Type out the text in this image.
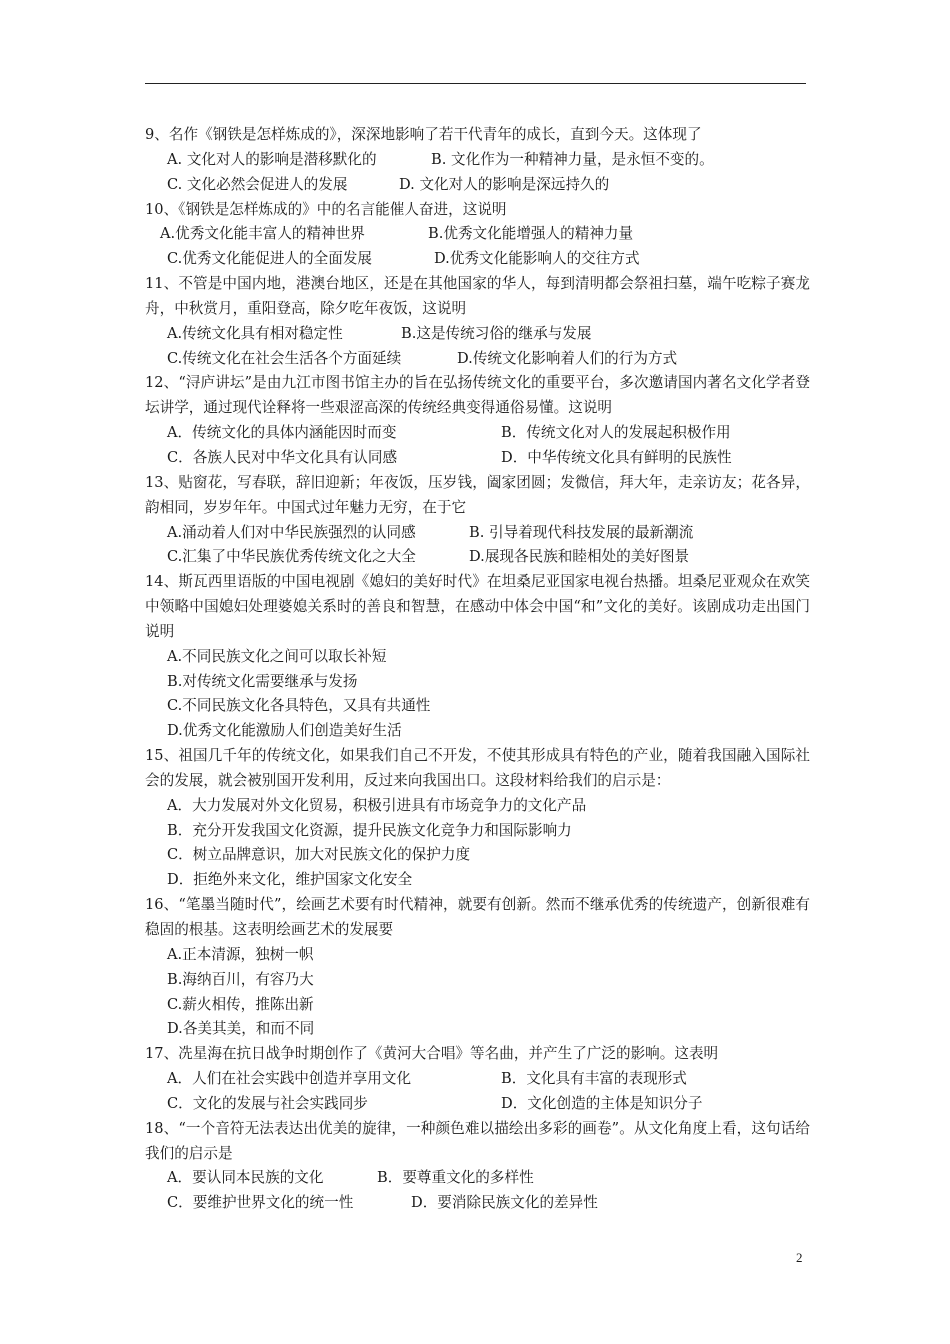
9、名作《钢铁是怎样炼成的》，深深地影响了若干代青年的成长，直到今天。这体现了
A. 文化对人的影响是潜移默化的	B. 文化作为一种精神力量，是永恒不变的。
C. 文化必然会促进人的发展	D. 文化对人的影响是深远持久的
10、《钢铁是怎样炼成的》中的名言能催人奋进，这说明
A.优秀文化能丰富人的精神世界	B.优秀文化能增强人的精神力量
C.优秀文化能促进人的全面发展	D.优秀文化能影响人的交往方式
11、不管是中国内地，港澳台地区，还是在其他国家的华人，每到清明都会祭祖扫墓，端午吃粽子赛龙舟，中秋赏月，重阳登高，除夕吃年夜饭，这说明
A.传统文化具有相对稳定性	B.这是传统习俗的继承与发展
C.传统文化在社会生活各个方面延续	D.传统文化影响着人们的行为方式
12、“浔庐讲坛”是由九江市图书馆主办的旨在弘扬传统文化的重要平台，多次邀请国内著名文化学者登坛讲学，通过现代诠释将一些艰涩高深的传统经典变得通俗易懂。这说明
A．传统文化的具体内涵能因时而变	B．传统文化对人的发展起积极作用
C．各族人民对中华文化具有认同感	D．中华传统文化具有鲜明的民族性
13、贴窗花，写春联，辞旧迎新；年夜饭，压岁钱，阖家团圆；发微信，拜大年，走亲访友；花各异，韵相同，岁岁年年。中国式过年魅力无穷，在于它
A.涌动着人们对中华民族强烈的认同感	B. 引导着现代科技发展的最新潮流
C.汇集了中华民族优秀传统文化之大全	D.展现各民族和睦相处的美好图景
14、斯瓦西里语版的中国电视剧《媳妇的美好时代》在坦桑尼亚国家电视台热播。坦桑尼亚观众在欢笑中领略中国媳妇处理婆媳关系时的善良和智慧，在感动中体会中国“和”文化的美好。该剧成功走出国门说明
A.不同民族文化之间可以取长补短
B.对传统文化需要继承与发扬
C.不同民族文化各具特色，又具有共通性
D.优秀文化能激励人们创造美好生活
15、祖国几千年的传统文化，如果我们自己不开发，不使其形成具有特色的产业，随着我国融入国际社会的发展，就会被别国开发利用，反过来向我国出口。这段材料给我们的启示是：
A．大力发展对外文化贸易，积极引进具有市场竞争力的文化产品
B．充分开发我国文化资源，提升民族文化竞争力和国际影响力
C．树立品牌意识，加大对民族文化的保护力度
D．拒绝外来文化，维护国家文化安全
16、“笔墨当随时代”，绘画艺术要有时代精神，就要有创新。然而不继承优秀的传统遗产，创新很难有稳固的根基。这表明绘画艺术的发展要
A.正本清源，独树一帜
B.海纳百川，有容乃大
C.薪火相传，推陈出新
D.各美其美，和而不同
17、冼星海在抗日战争时期创作了《黄河大合唱》等名曲，并产生了广泛的影响。这表明
A．人们在社会实践中创造并享用文化	B．文化具有丰富的表现形式
C．文化的发展与社会实践同步	D．文化创造的主体是知识分子
18、“一个音符无法表达出优美的旋律，一种颜色难以描绘出多彩的画卷”。从文化角度上看，这句话给我们的启示是
A．要认同本民族的文化	B．要尊重文化的多样性
C．要维护世界文化的统一性	D．要消除民族文化的差异性
2
